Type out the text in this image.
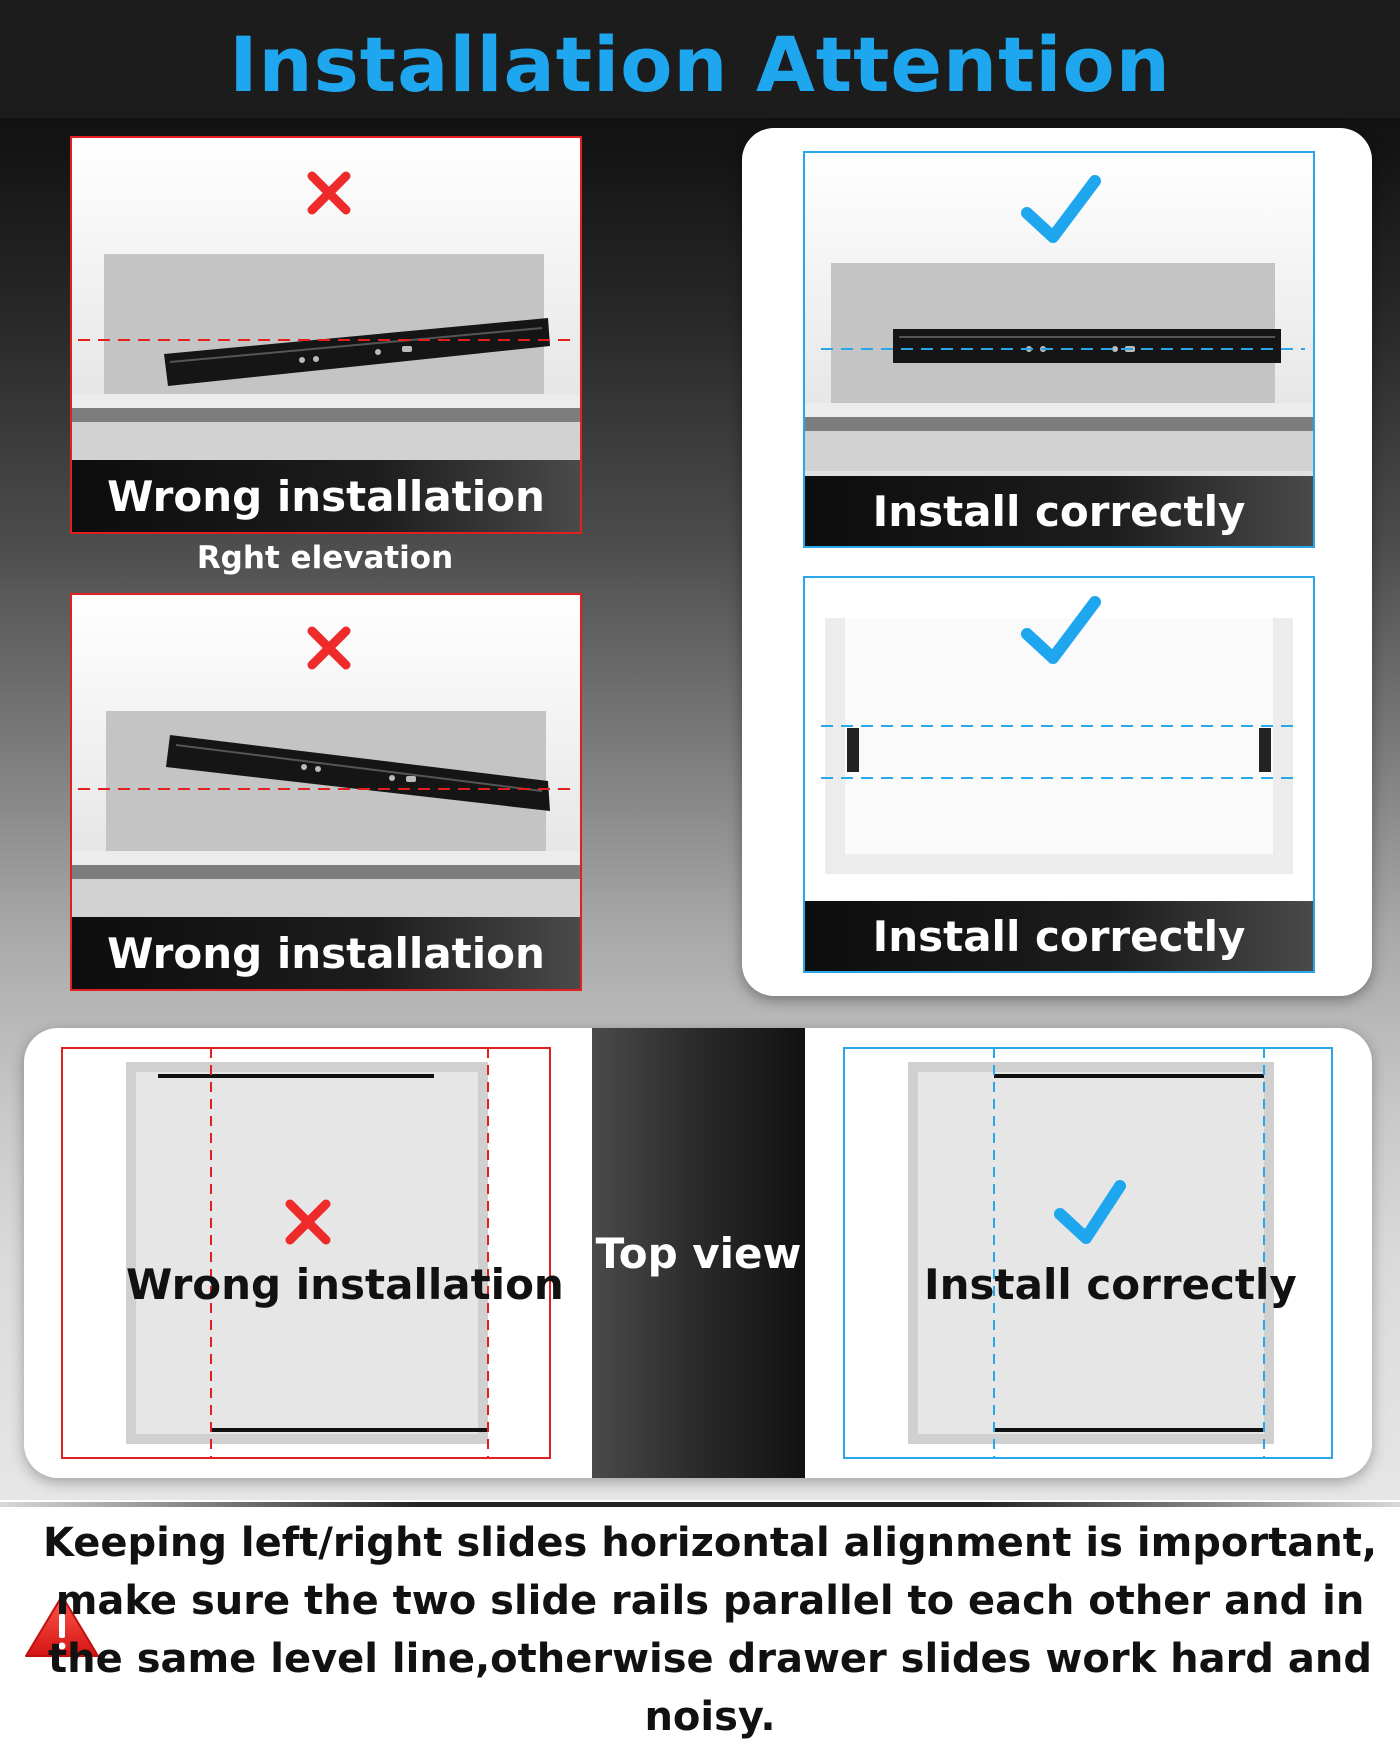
Installation Attention
Wrong installation
Rght elevation
Wrong installation
Install correctly
Install correctly
Top view
Wrong installation	Install correctly
Keeping left/right slides horizontal alignment is important, make sure the two slide rails parallel to each other and in the same level line,otherwise drawer slides work hard and noisy.
